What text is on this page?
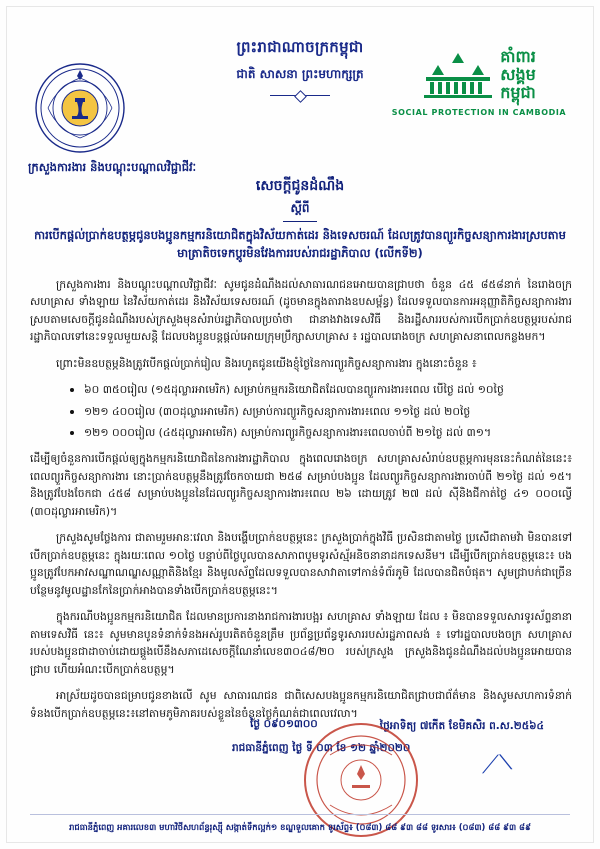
ព្រះរាជាណាចក្រកម្ពុជា
ជាតិ សាសនា ព្រះមហាក្សត្រ
គាំពារ
សង្គម
កម្ពុជា
SOCIAL PROTECTION IN CAMBODIA
ក្រសួងការងារ និងបណ្ដុះបណ្ដាលវិជ្ជាជីវៈ
សេចក្ដីជូនដំណឹង
ស្ដីពី
ការបើកផ្ដល់ប្រាក់ឧបត្ថម្ភជូនបងប្អូនកម្មករនិយោជិតក្នុងវិស័យកាត់ដេរ និងទេសចរណ៍ ដែលត្រូវបានព្យួរកិច្ចសន្យាការងារស្របតាមមាត្រាតិចទេកប្ដូរមិនវែងការរបស់រាជរដ្ឋាភិបាល (លើកទី២)

ក្រសួងការងារ និងបណ្ដុះបណ្ដាលវិជ្ជាជីវៈ សូមជូនដំណឹងដល់សាធារណជនអោយបានជ្រាបថា ចំនួន ៤៥ ៨៥៨នាក់ នៃរោងចក្រ សហគ្រាស ទាំងឡាយ នៃវិស័យកាត់ដេរ និងវិស័យទេសចរណ៍ (ដូចមានក្នុងតារាងឧបសម្ព័ន្ធ) ដែលទទួលបានការអនុញ្ញាតិកិច្ចសន្យាការងារស្របតាមសេចក្ដីជូនដំណឹងរបស់ក្រសួងមុនសំរាប់រដ្ឋាភិបាលប្រចាំថា ជានាងវាងទេសវិធី និងរដ្ឋីសាររបស់ការបើកប្រាក់ឧបត្ថម្ភរបស់រាជរដ្ឋាភិបាលទៅនេះទទួលមួយសន្តិ ដែលបងប្អូនបន្ដផ្ដល់អោយក្រុមប្រឹក្សាសហគ្រាស ៖ រដ្ឋបាលរោងចក្រ សហគ្រាសនាពេលកន្លងមក។

ព្រោះមិនឧបត្ថម្ភនិងត្រូវបើកផ្ដល់ប្រាក់រៀល និងរហូតជូនយើងខ្ញុំថ្ងៃនៃការព្យួរកិច្ចសន្យាការងារ ក្នុងនោះចំនួន ៖

៦០ ៣៥០រៀល (១៥ដុល្លារអាមេរិក) សម្រាប់កម្មករនិយោជិតដែលបានព្យួរការងារ៖ពេល បើថ្ងៃ ដល់ ១០ថ្ងៃ
១២១ ៤០០រៀល (៣០ដុល្លារអាមេរិក) សម្រាប់ការព្យួរកិច្ចសន្យាការងារ៖ពេល ១១ថ្ងៃ ដល់ ២០ថ្ងៃ
១២១ ០០០រៀល (៤៥ដុល្លារអាមេរិក) សម្រាប់ការព្យួរកិច្ចសន្យាការងារ៖ពេលចាប់ពី ២១ថ្ងៃ ដល់ ៣១។

ដើម្បីឲ្យចំនួនការបើកផ្ដល់ឲ្យក្នុងកម្មករនិយោជិតនៃការងារដ្ឋាភិបាល ក្នុងពេលរោងចក្រ សហគ្រាសសំរាប់ឧបត្ថម្ភការមុននេះកំណត់នៃនេះ៖ពេលព្យួរកិច្ចសន្យាការងារ នោះប្រាក់ឧបត្ថម្ភនឹងត្រូវចែកចាយជា ២៥៨ សម្រាប់បងប្អូន ដែលព្យួរកិច្ចសន្យាការងារចាប់ពី ២១ថ្ងៃ ដល់ ១៥។ និងត្រូវបែងចែកជា ៤៥៨ សម្រាប់បងប្អូននៃដែលព្យួរកិច្ចសន្យាការងារ៖ពេល ២៦ ដោយត្រូវ ២៧ ដល់ ស៊ីនិងជីកាត់ថ្ងៃ ៤១ ០០០ល្វើ (៣០ដុល្លារអាមេរិក)។

ក្រសួងសូមថ្លែងការ ជាតាមរួមអានៈវេលា និងបង្ហើបប្រាក់ឧបត្ថម្ភនេះ ក្រសួងប្រាក់ក្នុងវិធី ប្រសិនជាតាមថ្ងៃ ប្រសើជាតាមវ៉ា មិនបានទៅបើកប្រាក់ឧបត្ថម្ភនេះ ក្នុងរយៈពេល ១០ថ្ងៃ បន្ទាប់ពីថ្ងៃបូលបានសាភាពបូមទូរសំស័្មអនិចនានាដកទេសនីម។ ដើម្បីបើកប្រាក់ឧបត្ថម្ភនេះ៖ បងប្អូនត្រូវបែកអាវសណ្ឋាណណ្ឌសណ្ណាតិនិងខ្មែរ និងមូលស័ព្ទដែលទទួលបានសាវាតាទៅកាន់ទំព័រភូមិ ដែលបានជិតបំផុត។ សូមជ្រាបក់ជាច្រើនបន្ថែមនូវមូលដ្ឋានកែនៃប្រាក់អាងបានទាំងបើកប្រាក់ឧបត្ថម្ភនេះ។

ក្នុងករណីបងប្អូនកម្មករនិយោជិត ដែលមានប្រការនាងរាជការងារបង្អរ សហគ្រាស ទាំងឡាយ ដែល ៖ មិនបានទទួលសារទូរស័ព្ទនានាតាមទេសវិធី នេះ៖ សូមមានបូនទំនាក់ទំនងអស់រូបរតិតចំនួនត្រឹម ប្រព័ន្ធប្រព័ន្ធទូរសាររបស់រដ្ឋភាពសង់ ៖ ទៅរដ្ឋបាលបងចក្រ សហគ្រាសរបស់បងប្អូនជាដាចាប់ដោយផ្ដួងបើនឹងសភាដេសេចក្ដីណែនាំលេខ៣០៤៨/២០ របស់ក្រសួង ក្រសួងនិងជូនដំណឹងដល់បងប្អូនអោយបានជ្រាប ហើយអំណះបើកប្រាក់ឧបត្ថម្ភ។

អាស្រ័យដូចបានជម្រាបជូនខាងលើ សូម សាធារណជន ជាពិសេសបងប្អូនកម្មករនិយោជិតជ្រាបជាព័ត៌មាន និងសូមសហការទំនាក់ទំនងបើកប្រាក់ឧបត្ថម្ភនេះ៖នៅតាមភូមិភាគរបស់ខ្លួននៃចំនួនថ្ងៃកំណត់ជាពេលវេលា។

ថ្ងៃ ០៩០១៣០០	ថ្ងៃអាទិត្យ ៧កើត ខែមិគសិរ ព.ស.២៥៦៤
រាជធានីភ្នំពេញ ថ្ងៃ ទី ០៣ ខែ ១២ ឆ្នាំ២០២០
⟋⟍
រាជធានីភ្នំពេញ អគារលេខ៣ មហាវិថីសហព័ន្ធរុស្ស៊ី សង្កាត់ទឹកល្អក់១ ខណ្ឌទួលគោក ទូរស័ព្ទ៖ (០៨៣) ៨៨ ៩៣ ៨៨ ទូរសារ៖ (០៨៣) ៨៨ ៩៣ ៨៩
